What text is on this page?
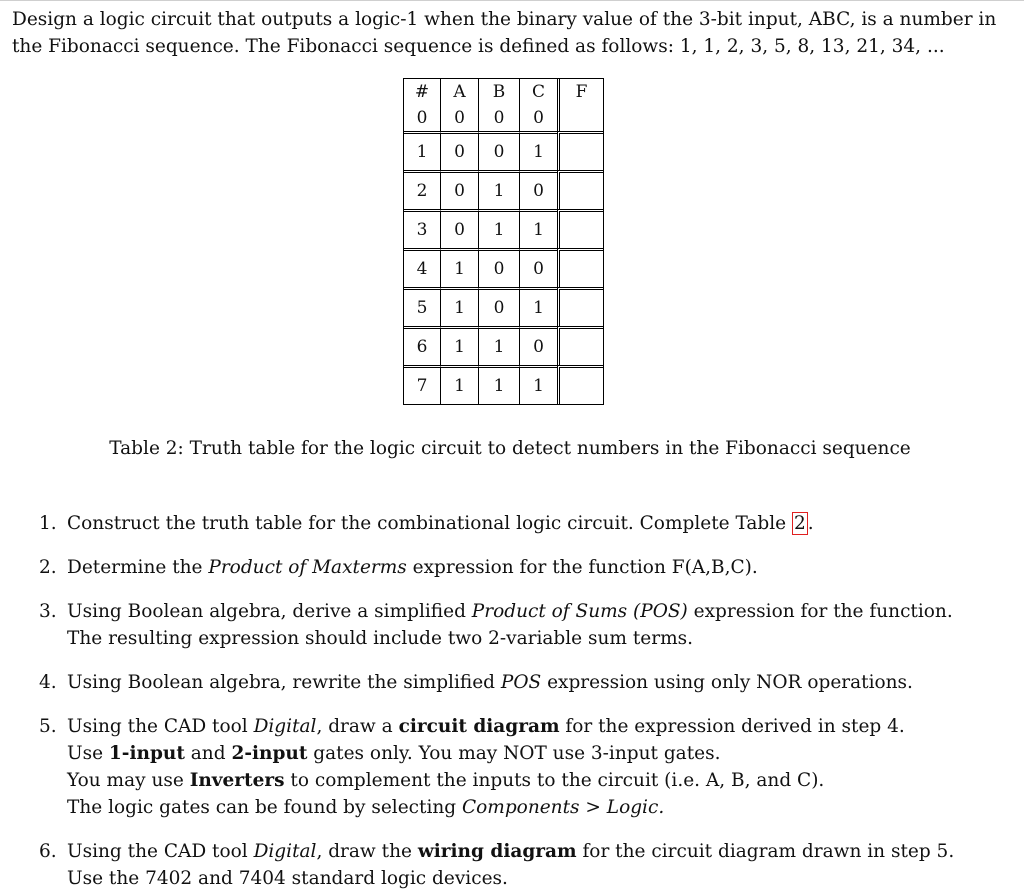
Design a logic circuit that outputs a logic-1 when the binary value of the 3-bit input, ABC, is a number in
the Fibonacci sequence. The Fibonacci sequence is defined as follows: 1, 1, 2, 3, 5, 8, 13, 21, 34, ...

#	A	B	C	F
0	0	0	0	
1	0	0	1	
2	0	1	0	
3	0	1	1	
4	1	0	0	
5	1	0	1	
6	1	1	0	
7	1	1	1	

Table 2: Truth table for the logic circuit to detect numbers in the Fibonacci sequence

1. Construct the truth table for the combinational logic circuit. Complete Table 2 .
2. Determine the Product of Maxterms expression for the function F(A,B,C).
3. Using Boolean algebra, derive a simplified Product of Sums (POS) expression for the function.
The resulting expression should include two 2-variable sum terms.
4. Using Boolean algebra, rewrite the simplified POS expression using only NOR operations.
5. Using the CAD tool Digital, draw a circuit diagram for the expression derived in step 4.
Use 1-input and 2-input gates only. You may NOT use 3-input gates.
You may use Inverters to complement the inputs to the circuit (i.e. A, B, and C).
The logic gates can be found by selecting Components > Logic.
6. Using the CAD tool Digital, draw the wiring diagram for the circuit diagram drawn in step 5.
Use the 7402 and 7404 standard logic devices.
